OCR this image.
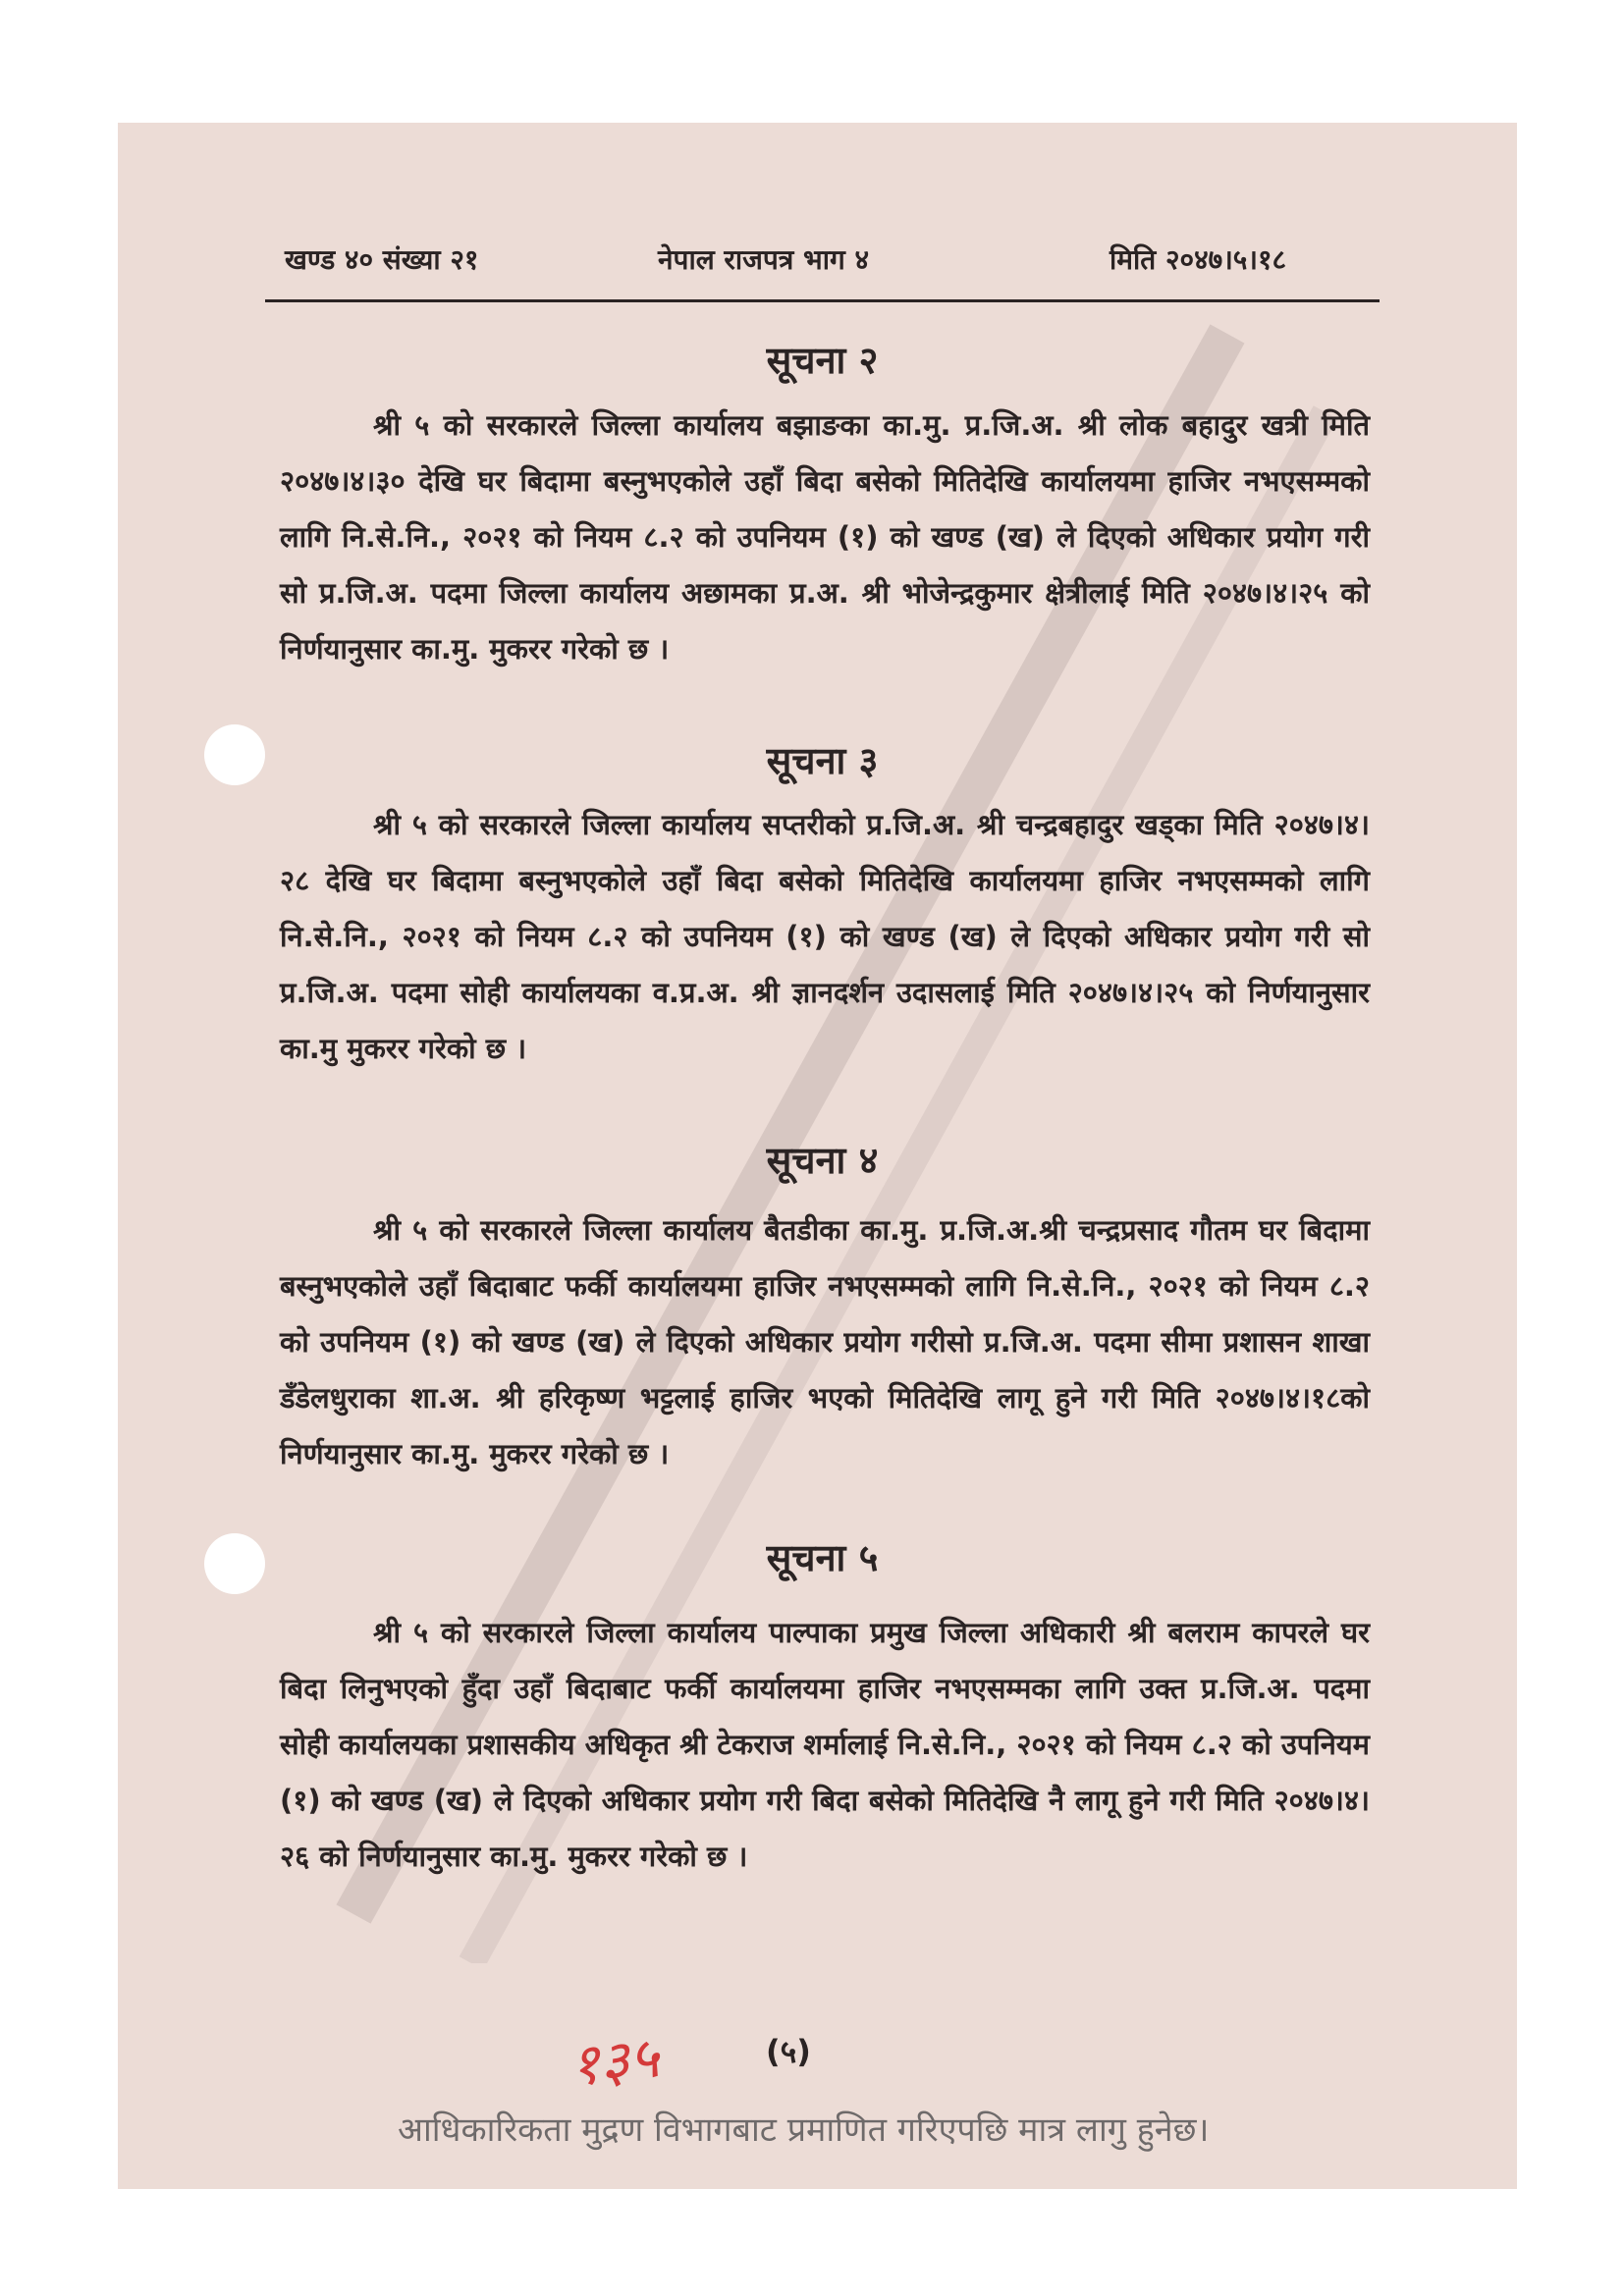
खण्ड ४० संख्या २१	नेपाल राजपत्र भाग ४	मिति २०४७।५।१८
सूचना २
श्री ५ को सरकारले जिल्ला कार्यालय बझाङका का.मु. प्र.जि.अ. श्री लोक बहादुर खत्री मिति २०४७।४।३० देखि घर बिदामा बस्नुभएकोले उहाँ बिदा बसेको मितिदेखि कार्यालयमा हाजिर नभएसम्मको लागि नि.से.नि., २०२१ को नियम ८.२ को उपनियम (१) को खण्ड (ख) ले दिएको अधिकार प्रयोग गरी सो प्र.जि.अ. पदमा जिल्ला कार्यालय अछामका प्र.अ. श्री भोजेन्द्रकुमार क्षेत्रीलाई मिति २०४७।४।२५ को निर्णयानुसार का.मु. मुकरर गरेको छ ।
सूचना ३
श्री ५ को सरकारले जिल्ला कार्यालय सप्तरीको प्र.जि.अ. श्री चन्द्रबहादुर खड्का मिति २०४७।४।२८ देखि घर बिदामा बस्नुभएकोले उहाँ बिदा बसेको मितिदेखि कार्यालयमा हाजिर नभएसम्मको लागि नि.से.नि., २०२१ को नियम ८.२ को उपनियम (१) को खण्ड (ख) ले दिएको अधिकार प्रयोग गरी सो प्र.जि.अ. पदमा सोही कार्यालयका व.प्र.अ. श्री ज्ञानदर्शन उदासलाई मिति २०४७।४।२५ को निर्णयानुसार का.मु मुकरर गरेको छ ।
सूचना ४
श्री ५ को सरकारले जिल्ला कार्यालय बैतडीका का.मु. प्र.जि.अ.श्री चन्द्रप्रसाद गौतम घर बिदामा बस्नुभएकोले उहाँ बिदाबाट फर्की कार्यालयमा हाजिर नभएसम्मको लागि नि.से.नि., २०२१ को नियम ८.२ को उपनियम (१) को खण्ड (ख) ले दिएको अधिकार प्रयोग गरीसो प्र.जि.अ. पदमा सीमा प्रशासन शाखा डँडेलधुराका शा.अ. श्री हरिकृष्ण भट्टलाई हाजिर भएको मितिदेखि लागू हुने गरी मिति २०४७।४।१८को निर्णयानुसार का.मु. मुकरर गरेको छ ।
सूचना ५
श्री ५ को सरकारले जिल्ला कार्यालय पाल्पाका प्रमुख जिल्ला अधिकारी श्री बलराम कापरले घर बिदा लिनुभएको हुँदा उहाँ बिदाबाट फर्की कार्यालयमा हाजिर नभएसम्मका लागि उक्त प्र.जि.अ. पदमा सोही कार्यालयका प्रशासकीय अधिकृत श्री टेकराज शर्मालाई नि.से.नि., २०२१ को नियम ८.२ को उपनियम (१) को खण्ड (ख) ले दिएको अधिकार प्रयोग गरी बिदा बसेको मितिदेखि नै लागू हुने गरी मिति २०४७।४।२६ को निर्णयानुसार का.मु. मुकरर गरेको छ ।
१३५	(५)
आधिकारिकता मुद्रण विभागबाट प्रमाणित गरिएपछि मात्र लागु हुनेछ।
